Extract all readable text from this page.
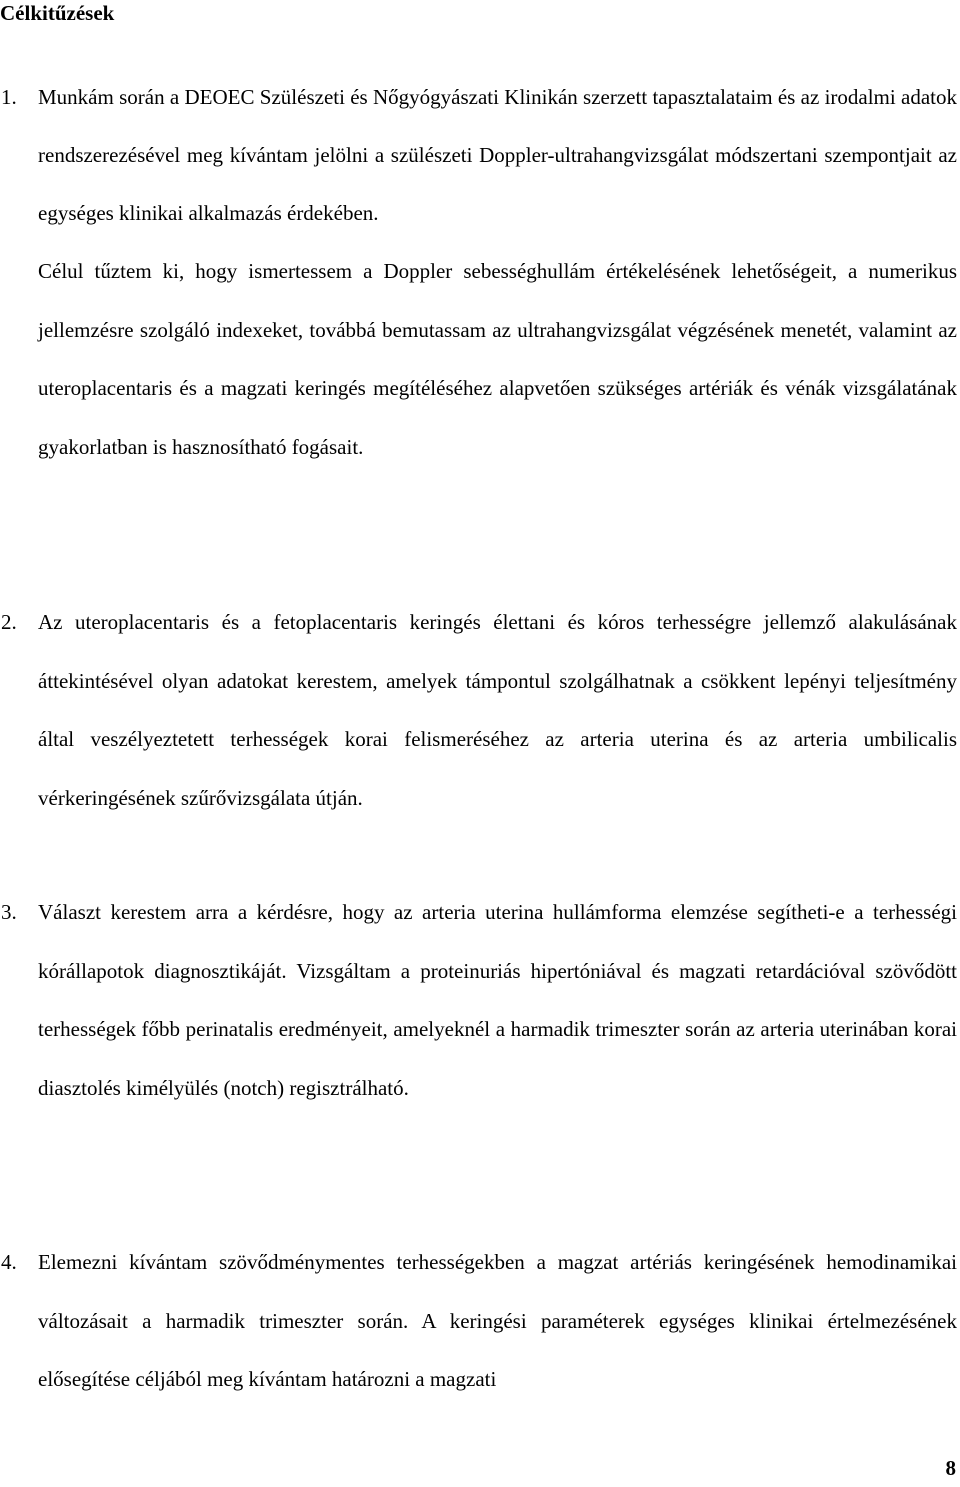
Célkitűzések
1. Munkám során a DEOEC Szülészeti és Nőgyógyászati Klinikán szerzett tapasztalataim és az irodalmi adatok rendszerezésével meg kívántam jelölni a szülészeti Doppler-ultrahangvizsgálat módszertani szempontjait az egységes klinikai alkalmazás érdekében.
Célul tűztem ki, hogy ismertessem a Doppler sebességhullám értékelésének lehetőségeit, a numerikus jellemzésre szolgáló indexeket, továbbá bemutassam az ultrahangvizsgálat végzésének menetét, valamint az uteroplacentaris és a magzati keringés megítéléséhez alapvetően szükséges artériák és vénák vizsgálatának gyakorlatban is hasznosítható fogásait.
2. Az uteroplacentaris és a fetoplacentaris keringés élettani és kóros terhességre jellemző alakulásának áttekintésével olyan adatokat kerestem, amelyek támpontul szolgálhatnak a csökkent lepényi teljesítmény által veszélyeztetett terhességek korai felismeréséhez az arteria uterina és az arteria umbilicalis vérkeringésének szűrővizsgálata útján.
3. Választ kerestem arra a kérdésre, hogy az arteria uterina hullámforma elemzése segítheti-e a terhességi kórállapotok diagnosztikáját. Vizsgáltam a proteinuriás hipertóniával és magzati retardációval szövődött terhességek főbb perinatalis eredményeit, amelyeknél a harmadik trimeszter során az arteria uterinában korai diasztolés kimélyülés (notch) regisztrálható.
4. Elemezni kívántam szövődménymentes terhességekben a magzat artériás keringésének hemodinamikai változásait a harmadik trimeszter során. A keringési paraméterek egységes klinikai értelmezésének elősegítése céljából meg kívántam határozni a magzati
8
